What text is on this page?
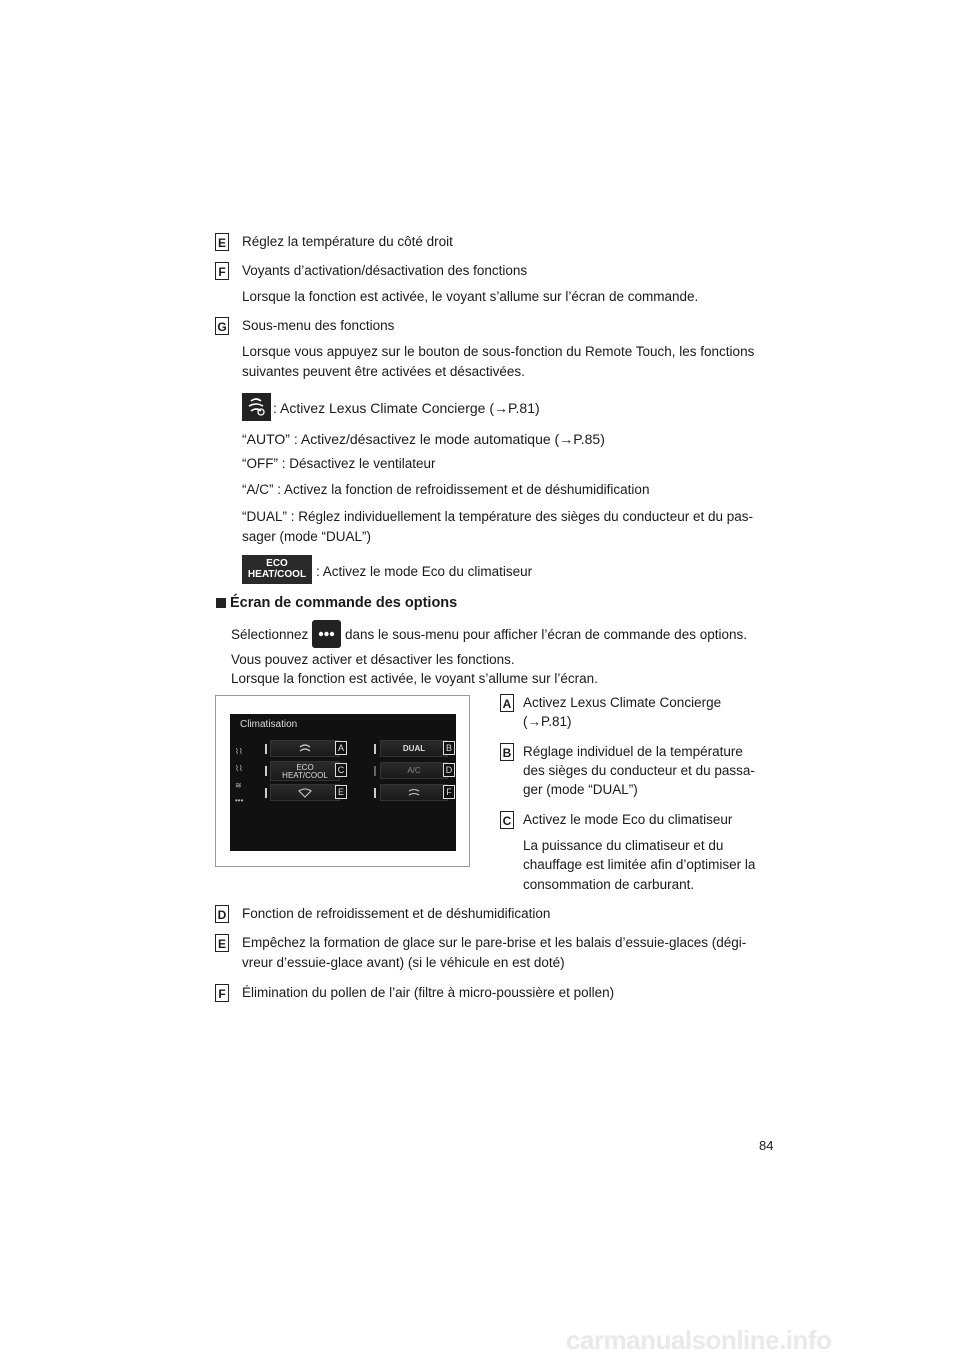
E Réglez la température du côté droit
F Voyants d’activation/désactivation des fonctions
Lorsque la fonction est activée, le voyant s’allume sur l’écran de commande.
G Sous-menu des fonctions
Lorsque vous appuyez sur le bouton de sous-fonction du Remote Touch, les fonctions
suivantes peuvent être activées et désactivées.
: Activez Lexus Climate Concierge (→P.81)
“AUTO” : Activez/désactivez le mode automatique (→P.85)
“OFF” : Désactivez le ventilateur
“A/C” : Activez la fonction de refroidissement et de déshumidification
“DUAL” : Réglez individuellement la température des sièges du conducteur et du pas-
sager (mode “DUAL”)
ECO
HEAT/COOL : Activez le mode Eco du climatiseur
Écran de commande des options
Sélectionnez	dans le sous-menu pour afficher l’écran de commande des options.
Vous pouvez activer et désactiver les fonctions.
Lorsque la fonction est activée, le voyant s’allume sur l’écran.
Climatisation
⌇⌇
⌇⌇
≋
•••
ECO
HEAT/COOL
A
C
E
DUAL
A/C
B
D
F
A Activez Lexus Climate Concierge
(→P.81)
B Réglage individuel de la température
des sièges du conducteur et du passa-
ger (mode “DUAL”)
C Activez le mode Eco du climatiseur
La puissance du climatiseur et du
chauffage est limitée afin d’optimiser la
consommation de carburant.
D Fonction de refroidissement et de déshumidification
E Empêchez la formation de glace sur le pare-brise et les balais d’essuie-glaces (dégi-
vreur d’essuie-glace avant) (si le véhicule en est doté)
F Élimination du pollen de l’air (filtre à micro-poussière et pollen)
84
carmanualsonline.info
